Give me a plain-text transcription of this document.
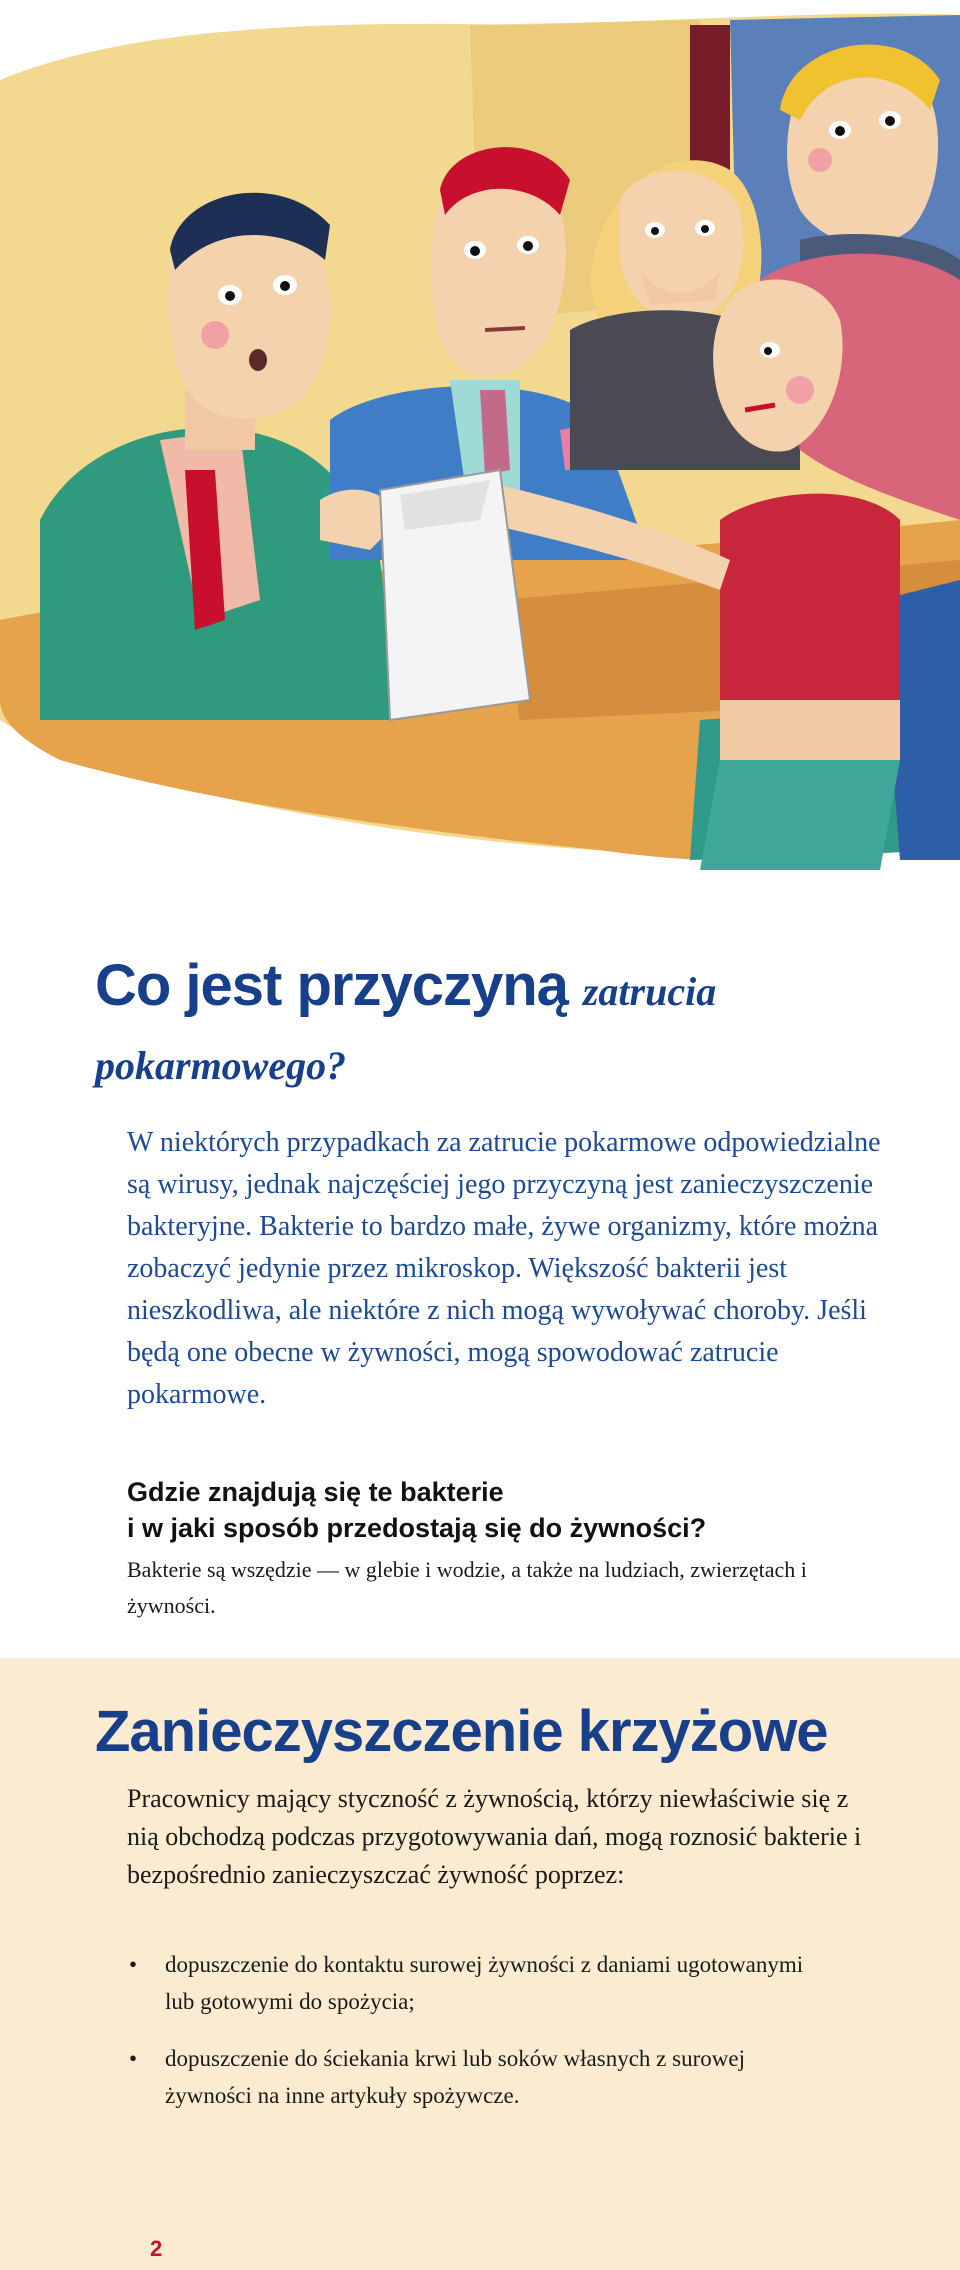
Co jest przyczyną zatrucia pokarmowego?

W niektórych przypadkach za zatrucie pokarmowe odpowiedzialne są wirusy, jednak najczęściej jego przyczyną jest zanieczyszczenie bakteryjne. Bakterie to bardzo małe, żywe organizmy, które można zobaczyć jedynie przez mikroskop. Większość bakterii jest nieszkodliwa, ale niektóre z nich mogą wywoływać choroby. Jeśli będą one obecne w żywności, mogą spowodować zatrucie pokarmowe.

Gdzie znajdują się te bakterie
i w jaki sposób przedostają się do żywności?

Bakterie są wszędzie — w glebie i wodzie, a także na ludziach, zwierzętach i żywności.

Zanieczyszczenie krzyżowe

Pracownicy mający styczność z żywnością, którzy niewłaściwie się z nią obchodzą podczas przygotowywania dań, mogą roznosić bakterie i bezpośrednio zanieczyszczać żywność poprzez:

• dopuszczenie do kontaktu surowej żywności z daniami ugotowanymi lub gotowymi do spożycia;
• dopuszczenie do ściekania krwi lub soków własnych z surowej żywności na inne artykuły spożywcze.
2
